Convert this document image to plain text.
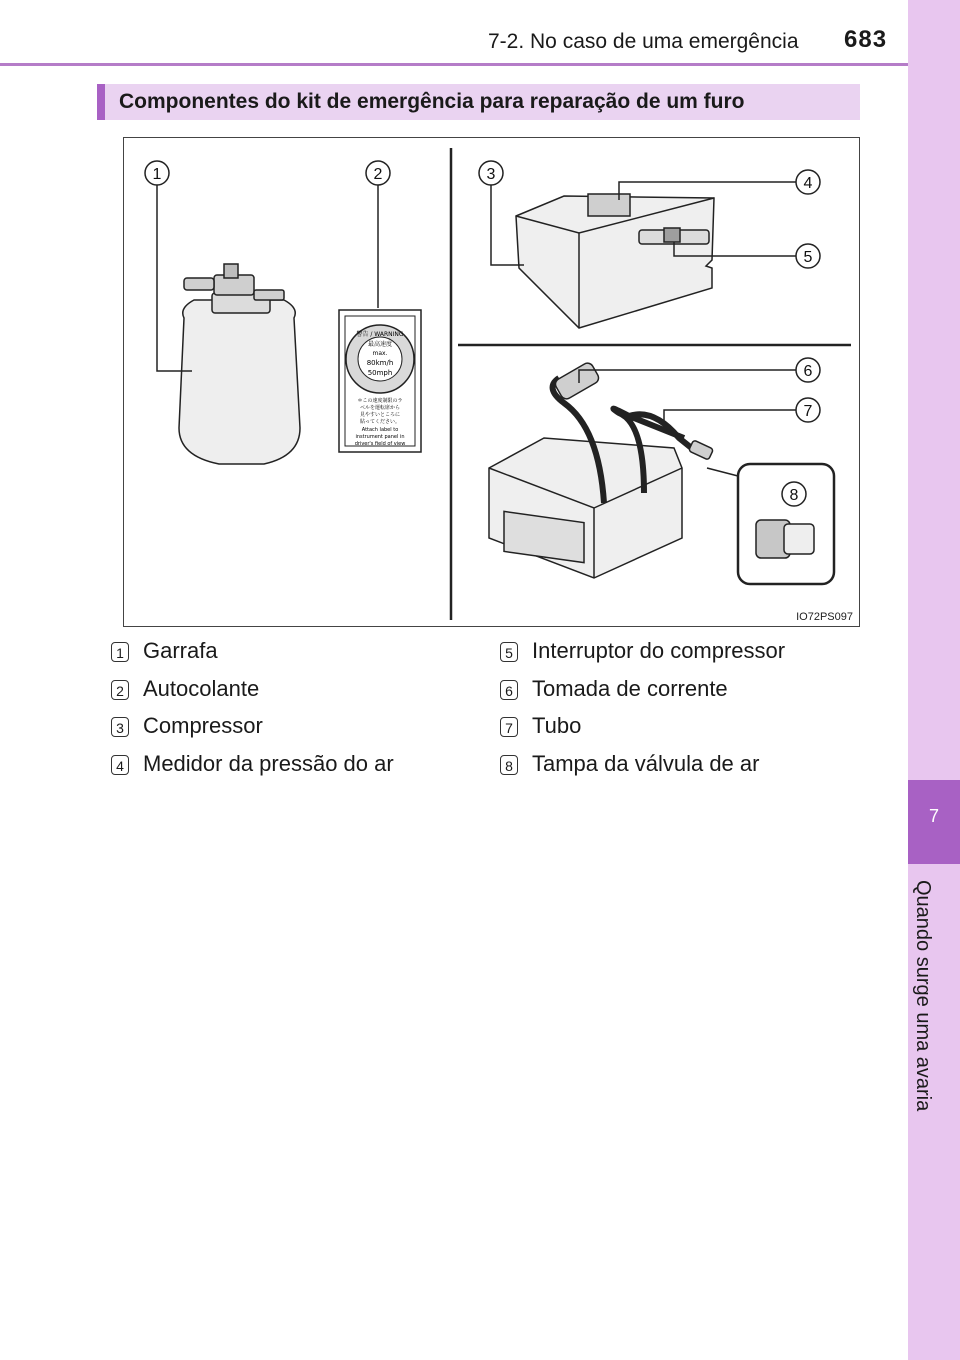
7-2. No caso de uma emergência 683
7
Quando surge uma avaria
Componentes do kit de emergência para reparação de um furo
警告 / WARNING
最高速度
max.
80km/h
50mph
＊この速度制限のラ
ベルを運転席から
見やすいところに
貼ってください。
Attach label to
instrument panel in
driver's field of view
1	2	3
4
5
6
7
8
IO72PS097
1 Garrafa
2 Autocolante
3 Compressor
4 Medidor da pressão do ar
5 Interruptor do compressor
6 Tomada de corrente
7 Tubo
8 Tampa da válvula de ar
